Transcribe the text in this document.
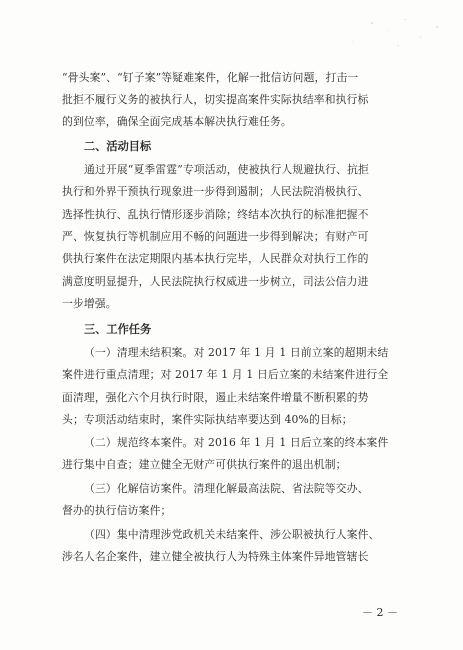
“骨头案”、“钉子案”等疑难案件，化解一批信访问题，打击一
批拒不履行义务的被执行人，切实提高案件实际执结率和执行标
的到位率，确保全面完成基本解决执行难任务。
二、活动目标
通过开展“夏季雷霆”专项活动，使被执行人规避执行、抗拒
执行和外界干预执行现象进一步得到遏制；人民法院消极执行、
选择性执行、乱执行情形逐步消除；终结本次执行的标准把握不
严、恢复执行等机制应用不畅的问题进一步得到解决；有财产可
供执行案件在法定期限内基本执行完毕，人民群众对执行工作的
满意度明显提升，人民法院执行权威进一步树立，司法公信力进
一步增强。
三、工作任务
（一）清理未结积案。对 2017 年 1 月 1 日前立案的超期未结
案件进行重点清理；对 2017 年 1 月 1 日后立案的未结案件进行全
面清理，强化六个月执行时限，遏止未结案件增量不断积累的势
头；专项活动结束时，案件实际执结率要达到 40%的目标；
（二）规范终本案件。对 2016 年 1 月 1 日后立案的终本案件
进行集中自查；建立健全无财产可供执行案件的退出机制；
（三）化解信访案件。清理化解最高法院、省法院等交办、
督办的执行信访案件；
（四）集中清理涉党政机关未结案件、涉公职被执行人案件、
涉名人名企案件，建立健全被执行人为特殊主体案件异地管辖长
－ 2 －
